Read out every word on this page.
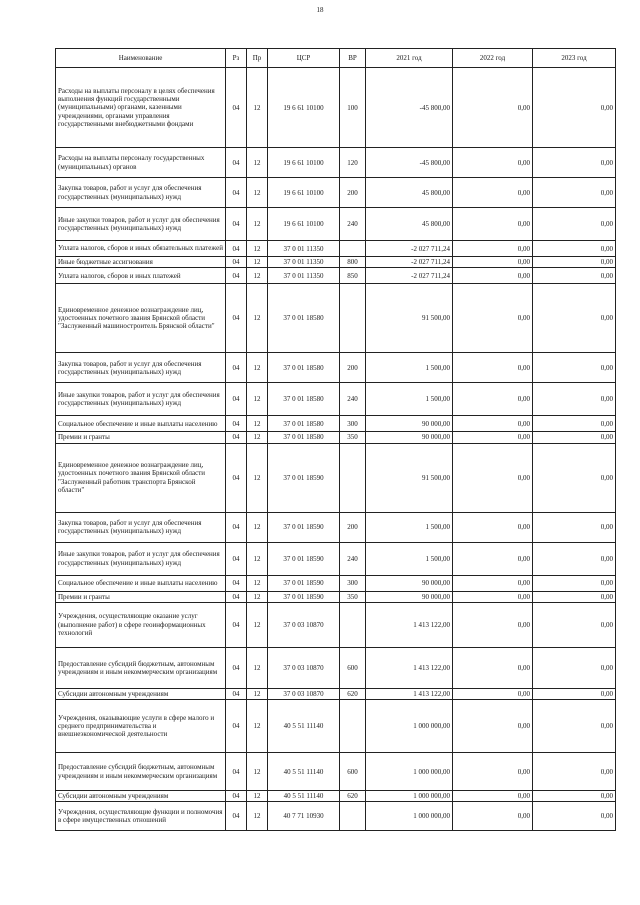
18
Наименование	Рз	Пр	ЦСР	ВР	2021 год	2022 год	2023 год
Расходы на выплаты персоналу в целях обеспечения выполнения функций государственными (муниципальными) органами, казенными учреждениями, органами управления государственными внебюджетными фондами	04	12	19 6 61 10100	100	-45 800,00	0,00	0,00
Расходы на выплаты персоналу государственных (муниципальных) органов	04	12	19 6 61 10100	120	-45 800,00	0,00	0,00
Закупка товаров, работ и услуг для обеспечения государственных (муниципальных) нужд	04	12	19 6 61 10100	200	45 800,00	0,00	0,00
Иные закупки товаров, работ и услуг для обеспечения государственных (муниципальных) нужд	04	12	19 6 61 10100	240	45 800,00	0,00	0,00
Уплата налогов, сборов и иных обязательных платежей	04	12	37 0 01 11350		-2 027 711,24	0,00	0,00
Иные бюджетные ассигнования	04	12	37 0 01 11350	800	-2 027 711,24	0,00	0,00
Уплата налогов, сборов и иных платежей	04	12	37 0 01 11350	850	-2 027 711,24	0,00	0,00
Единовременное денежное вознаграждение лиц, удостоенных почетного звания Брянской области "Заслуженный машиностроитель Брянской области"	04	12	37 0 01 18580		91 500,00	0,00	0,00
Закупка товаров, работ и услуг для обеспечения государственных (муниципальных) нужд	04	12	37 0 01 18580	200	1 500,00	0,00	0,00
Иные закупки товаров, работ и услуг для обеспечения государственных (муниципальных) нужд	04	12	37 0 01 18580	240	1 500,00	0,00	0,00
Социальное обеспечение и иные выплаты населению	04	12	37 0 01 18580	300	90 000,00	0,00	0,00
Премии и гранты	04	12	37 0 01 18580	350	90 000,00	0,00	0,00
Единовременное денежное вознаграждение лиц, удостоенных почетного звания Брянской области "Заслуженный работник транспорта Брянской области"	04	12	37 0 01 18590		91 500,00	0,00	0,00
Закупка товаров, работ и услуг для обеспечения государственных (муниципальных) нужд	04	12	37 0 01 18590	200	1 500,00	0,00	0,00
Иные закупки товаров, работ и услуг для обеспечения государственных (муниципальных) нужд	04	12	37 0 01 18590	240	1 500,00	0,00	0,00
Социальное обеспечение и иные выплаты населению	04	12	37 0 01 18590	300	90 000,00	0,00	0,00
Премии и гранты	04	12	37 0 01 18590	350	90 000,00	0,00	0,00
Учреждения, осуществляющие оказание услуг (выполнение работ) в сфере геоинформационных технологий	04	12	37 0 03 10870		1 413 122,00	0,00	0,00
Предоставление субсидий бюджетным, автономным учреждениям и иным некоммерческим организациям	04	12	37 0 03 10870	600	1 413 122,00	0,00	0,00
Субсидии автономным учреждениям	04	12	37 0 03 10870	620	1 413 122,00	0,00	0,00
Учреждения, оказывающие услуги в сфере малого и среднего предпринимательства и внешнеэкономической деятельности	04	12	40 5 51 11140		1 000 000,00	0,00	0,00
Предоставление субсидий бюджетным, автономным учреждениям и иным некоммерческим организациям	04	12	40 5 51 11140	600	1 000 000,00	0,00	0,00
Субсидии автономным учреждениям	04	12	40 5 51 11140	620	1 000 000,00	0,00	0,00
Учреждения, осуществляющие функции и полномочия в сфере имущественных отношений	04	12	40 7 71 10930		1 000 000,00	0,00	0,00
